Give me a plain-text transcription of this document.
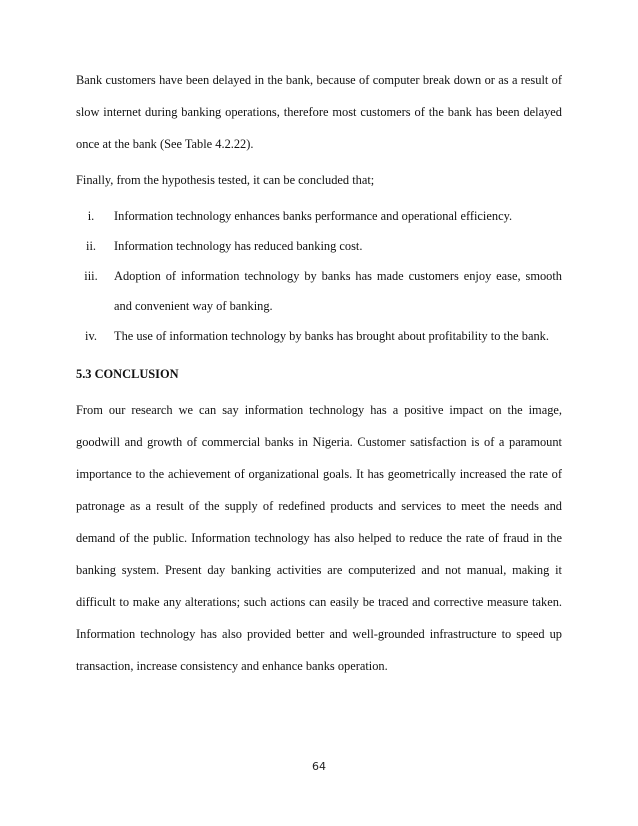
Bank customers have been delayed in the bank, because of computer break down or as a result of
slow internet during banking operations, therefore most customers of the bank has been delayed
once at the bank (See Table 4.2.22).
Finally, from the hypothesis tested, it can be concluded that;
i.	Information technology enhances banks performance and operational efficiency.
ii.	Information technology has reduced banking cost.
iii.	Adoption of information technology by banks has made customers enjoy ease, smooth
and convenient way of banking.
iv.	The use of information technology by banks has brought about profitability to the bank.
5.3 CONCLUSION
From our research we can say information technology has a positive impact on the image,
goodwill and growth of commercial banks in Nigeria. Customer satisfaction is of a paramount
importance to the achievement of organizational goals. It has geometrically increased the rate of
patronage as a result of the supply of redefined products and services to meet the needs and
demand of the public. Information technology has also helped to reduce the rate of fraud in the
banking system. Present day banking activities are computerized and not manual, making it
difficult to make any alterations; such actions can easily be traced and corrective measure taken.
Information technology has also provided better and well-grounded infrastructure to speed up
transaction, increase consistency and enhance banks operation.
64
